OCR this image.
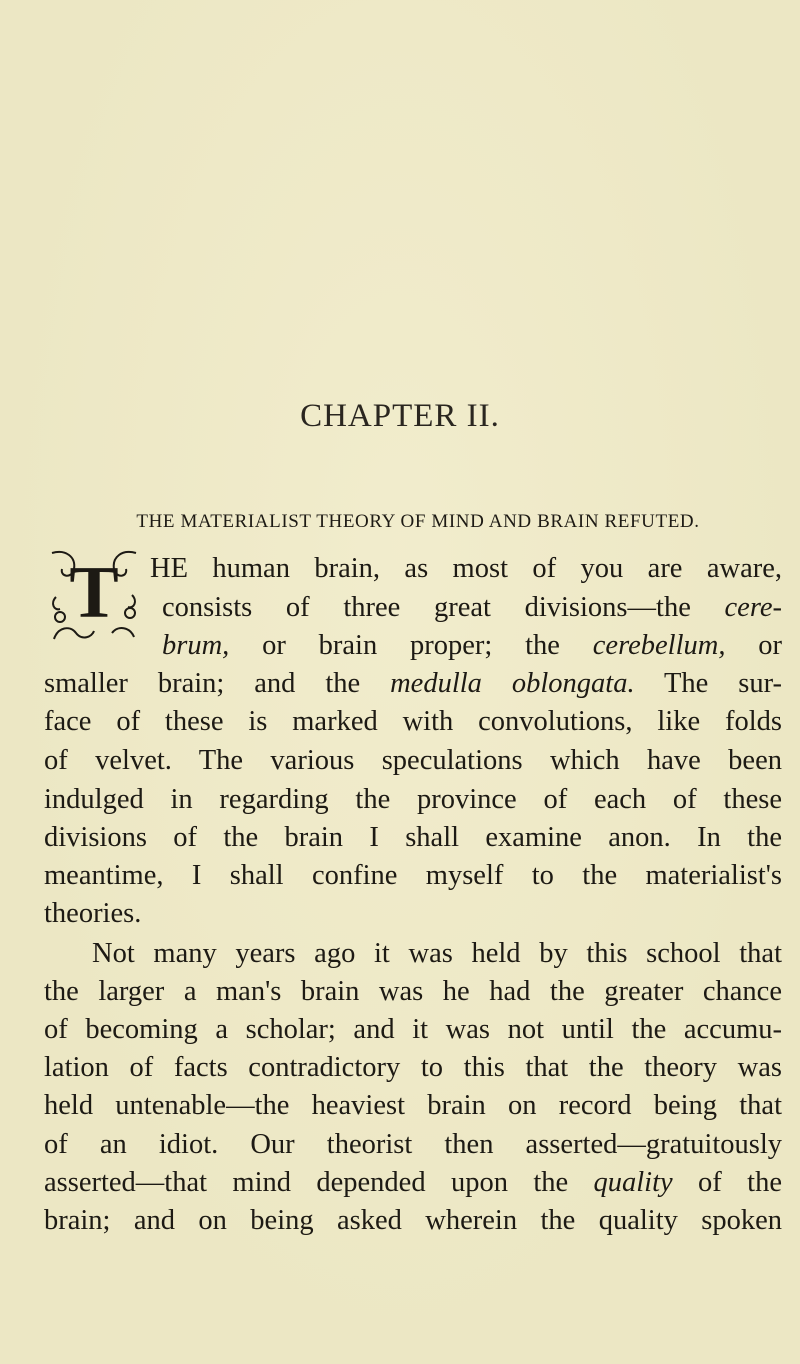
CHAPTER II.
THE MATERIALIST THEORY OF MIND AND BRAIN REFUTED.
T HE human brain, as most of you are aware,
consists of three great divisions—the cere-
brum, or brain proper; the cerebellum, or
smaller brain; and the medulla oblongata. The sur-
face of these is marked with convolutions, like folds
of velvet. The various speculations which have been
indulged in regarding the province of each of these
divisions of the brain I shall examine anon. In the
meantime, I shall confine myself to the materialist's
theories.
Not many years ago it was held by this school that
the larger a man's brain was he had the greater chance
of becoming a scholar; and it was not until the accumu-
lation of facts contradictory to this that the theory was
held untenable—the heaviest brain on record being that
of an idiot. Our theorist then asserted—gratuitously
asserted—that mind depended upon the quality of the
brain; and on being asked wherein the quality spoken
